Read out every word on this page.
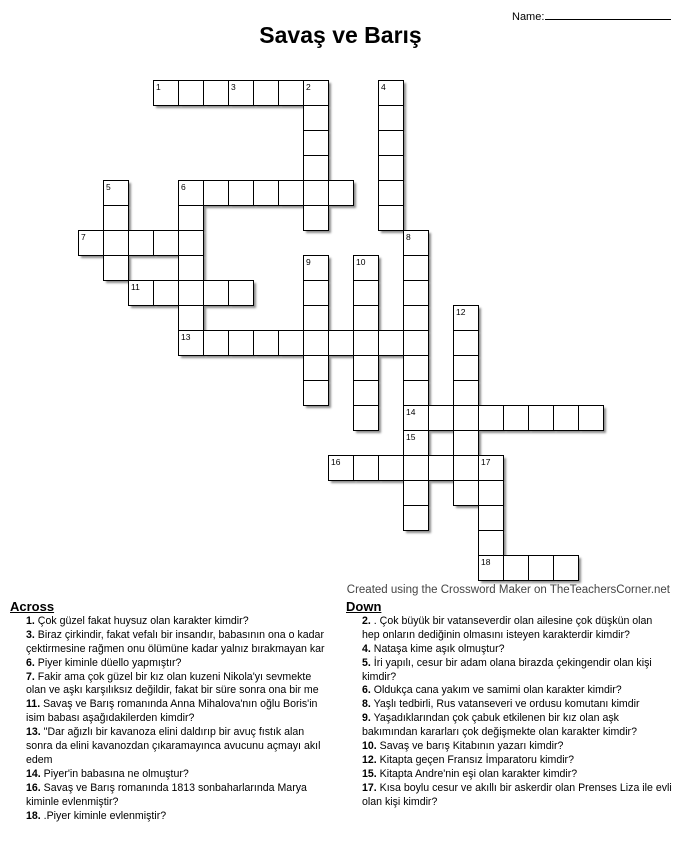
Name:
Savaş ve Barış
1	3	2
6
7
11
13
14
16	17
18
4
5
8
9	10
12
15
Created using the Crossword Maker on TheTeachersCorner.net
Across

1. Çok güzel fakat huysuz olan karakter kimdir?

3. Biraz çirkindir, fakat vefalı bir insandır, babasının ona o kadar çektirmesine rağmen onu ölümüne kadar yalnız bırakmayan kar

6. Piyer kiminle düello yapmıştır?

7. Fakir ama çok güzel bir kız olan kuzeni Nikola'yı sevmekte olan ve aşkı karşılıksız değildir, fakat bir süre sonra ona bir me

11. Savaş ve Barış romanında Anna Mihalova'nın oğlu Boris'in isim babası aşağıdakilerden kimdir?

13. "Dar ağızlı bir kavanoza elini daldırıp bir avuç fıstık alan sonra da elini kavanozdan çıkaramayınca avucunu açmayı akıl edem

14. Piyer'in babasına ne olmuştur?

16. Savaş ve Barış romanında 1813 sonbaharlarında Marya kiminle evlenmiştir?

18. .Piyer kiminle evlenmiştir?

Down

2. . Çok büyük bir vatanseverdir olan ailesine çok düşkün olan hep onların dediğinin olmasını isteyen karakterdir kimdir?

4. Nataşa kime aşık olmuştur?

5. İri yapılı, cesur bir adam olana birazda çekingendir olan kişi kimdir?

6. Oldukça cana yakım ve samimi olan karakter kimdir?

8. Yaşlı tedbirli, Rus vatanseveri ve ordusu komutanı kimdir

9. Yaşadıklarından çok çabuk etkilenen bir kız olan aşk bakımından kararları çok değişmekte olan karakter kimdir?

10. Savaş ve barış Kitabının yazarı kimdir?

12. Kitapta geçen Fransız İmparatoru kimdir?

15. Kitapta Andre'nin eşi olan karakter kimdir?

17. Kısa boylu cesur ve akıllı bir askerdir olan Prenses Liza ile evli olan kişi kimdir?
